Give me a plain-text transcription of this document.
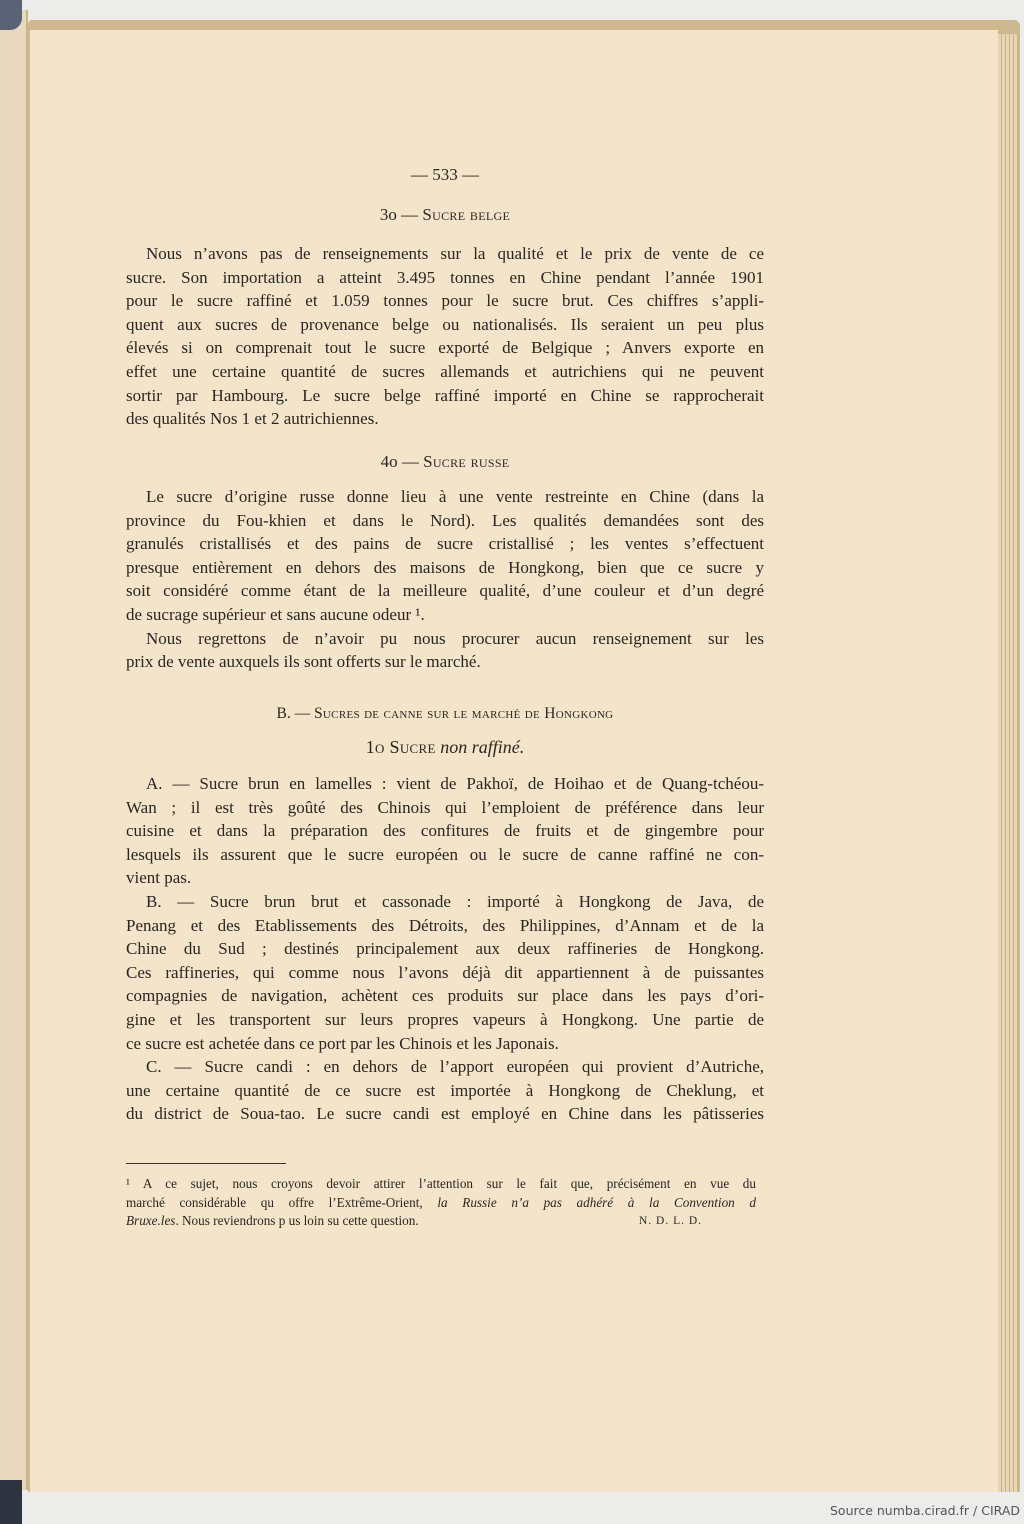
— 533 —
3o — Sucre belge
Nous n’avons pas de renseignements sur la qualité et le prix de vente de ce
sucre. Son importation a atteint 3.495 tonnes en Chine pendant l’année 1901
pour le sucre raffiné et 1.059 tonnes pour le sucre brut. Ces chiffres s’appli-
quent aux sucres de provenance belge ou nationalisés. Ils seraient un peu plus
élevés si on comprenait tout le sucre exporté de Belgique ; Anvers exporte en
effet une certaine quantité de sucres allemands et autrichiens qui ne peuvent
sortir par Hambourg. Le sucre belge raffiné importé en Chine se rapprocherait
des qualités Nos 1 et 2 autrichiennes.
4o — Sucre russe
Le sucre d’origine russe donne lieu à une vente restreinte en Chine (dans la
province du Fou-khien et dans le Nord). Les qualités demandées sont des
granulés cristallisés et des pains de sucre cristallisé ; les ventes s’effectuent
presque entièrement en dehors des maisons de Hongkong, bien que ce sucre y
soit considéré comme étant de la meilleure qualité, d’une couleur et d’un degré
de sucrage supérieur et sans aucune odeur ¹.
Nous regrettons de n’avoir pu nous procurer aucun renseignement sur les
prix de vente auxquels ils sont offerts sur le marché.
B. — Sucres de canne sur le marché de Hongkong
1o Sucre non raffiné.
A. — Sucre brun en lamelles : vient de Pakhoï, de Hoihao et de Quang-tchéou-
Wan ; il est très goûté des Chinois qui l’emploient de préférence dans leur
cuisine et dans la préparation des confitures de fruits et de gingembre pour
lesquels ils assurent que le sucre européen ou le sucre de canne raffiné ne con-
vient pas.
B. — Sucre brun brut et cassonade : importé à Hongkong de Java, de
Penang et des Etablissements des Détroits, des Philippines, d’Annam et de la
Chine du Sud ; destinés principalement aux deux raffineries de Hongkong.
Ces raffineries, qui comme nous l’avons déjà dit appartiennent à de puissantes
compagnies de navigation, achètent ces produits sur place dans les pays d’ori-
gine et les transportent sur leurs propres vapeurs à Hongkong. Une partie de
ce sucre est achetée dans ce port par les Chinois et les Japonais.
C. — Sucre candi : en dehors de l’apport européen qui provient d’Autriche,
une certaine quantité de ce sucre est importée à Hongkong de Cheklung, et
du district de Soua-tao. Le sucre candi est employé en Chine dans les pâtisseries
¹ A ce sujet, nous croyons devoir attirer l’attention sur le fait que, précisément en vue du
marché considérable qu offre l’Extrême-Orient, la Russie n’a pas adhéré à la Convention d
Bruxe.les. Nous reviendrons p us loin su cette question.	N. D. L. D.
Source numba.cirad.fr / CIRAD
